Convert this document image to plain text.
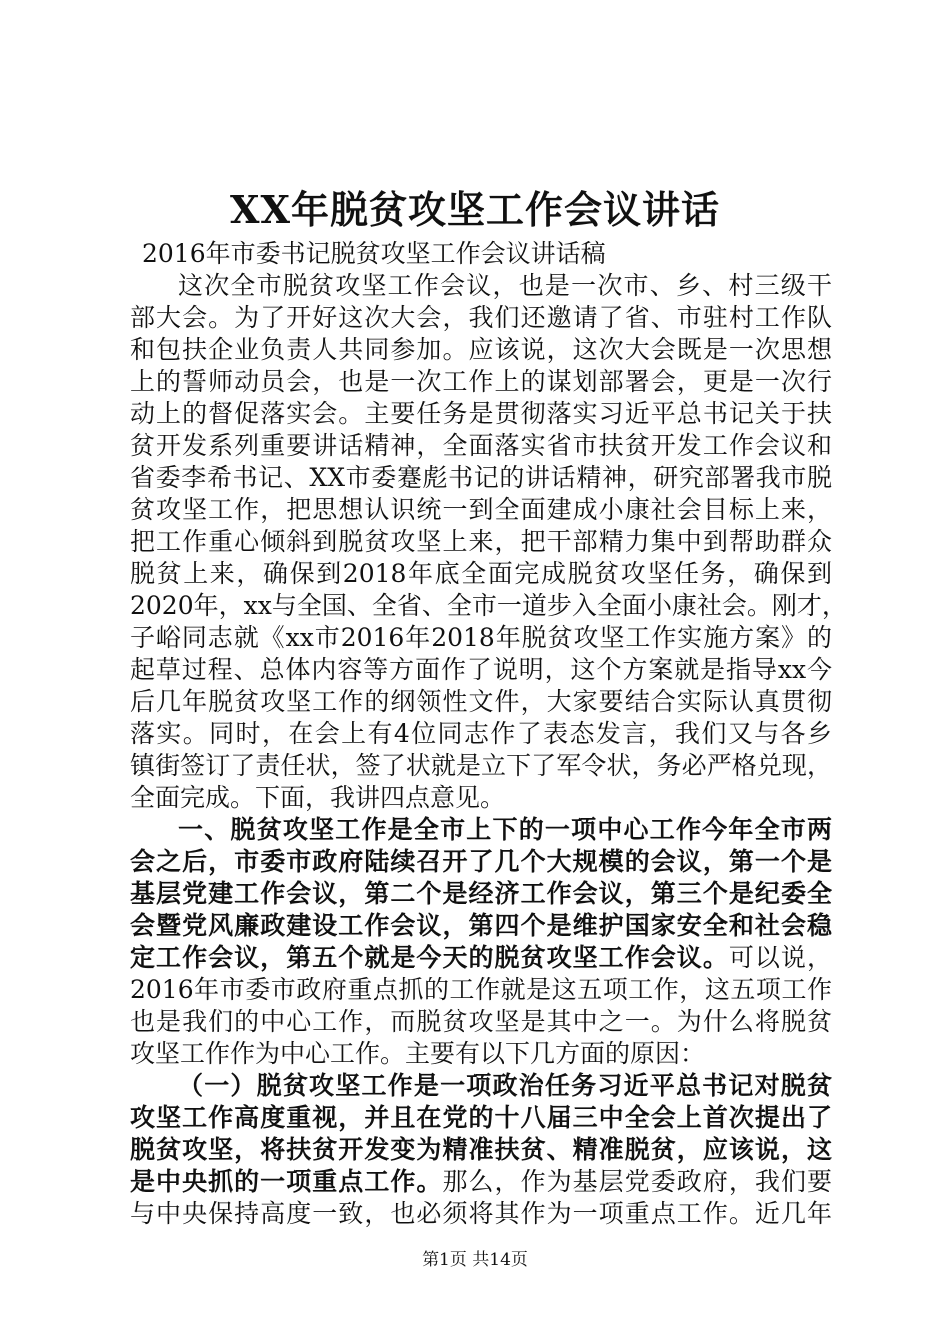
XX年脱贫攻坚工作会议讲话
2016年市委书记脱贫攻坚工作会议讲话稿
这次全市脱贫攻坚工作会议，也是一次市、乡、村三级干
部大会。为了开好这次大会，我们还邀请了省、市驻村工作队
和包扶企业负责人共同参加。应该说，这次大会既是一次思想
上的誓师动员会，也是一次工作上的谋划部署会，更是一次行
动上的督促落实会。主要任务是贯彻落实习近平总书记关于扶
贫开发系列重要讲话精神，全面落实省市扶贫开发工作会议和
省委李希书记、XX市委蹇彪书记的讲话精神，研究部署我市脱
贫攻坚工作，把思想认识统一到全面建成小康社会目标上来，
把工作重心倾斜到脱贫攻坚上来，把干部精力集中到帮助群众
脱贫上来，确保到2018年底全面完成脱贫攻坚任务，确保到
2020年，xx与全国、全省、全市一道步入全面小康社会。刚才，
子峪同志就《xx市2016年2018年脱贫攻坚工作实施方案》的
起草过程、总体内容等方面作了说明，这个方案就是指导xx今
后几年脱贫攻坚工作的纲领性文件，大家要结合实际认真贯彻
落实。同时，在会上有4位同志作了表态发言，我们又与各乡
镇街签订了责任状，签了状就是立下了军令状，务必严格兑现，
全面完成。下面，我讲四点意见。
一、脱贫攻坚工作是全市上下的一项中心工作今年全市两
会之后，市委市政府陆续召开了几个大规模的会议，第一个是
基层党建工作会议，第二个是经济工作会议，第三个是纪委全
会暨党风廉政建设工作会议，第四个是维护国家安全和社会稳
定工作会议，第五个就是今天的脱贫攻坚工作会议。可以说，
2016年市委市政府重点抓的工作就是这五项工作，这五项工作
也是我们的中心工作，而脱贫攻坚是其中之一。为什么将脱贫
攻坚工作作为中心工作。主要有以下几方面的原因：
（一）脱贫攻坚工作是一项政治任务习近平总书记对脱贫
攻坚工作高度重视，并且在党的十八届三中全会上首次提出了
脱贫攻坚，将扶贫开发变为精准扶贫、精准脱贫，应该说，这
是中央抓的一项重点工作。那么，作为基层党委政府，我们要
与中央保持高度一致，也必须将其作为一项重点工作。近几年
第1页 共14页
